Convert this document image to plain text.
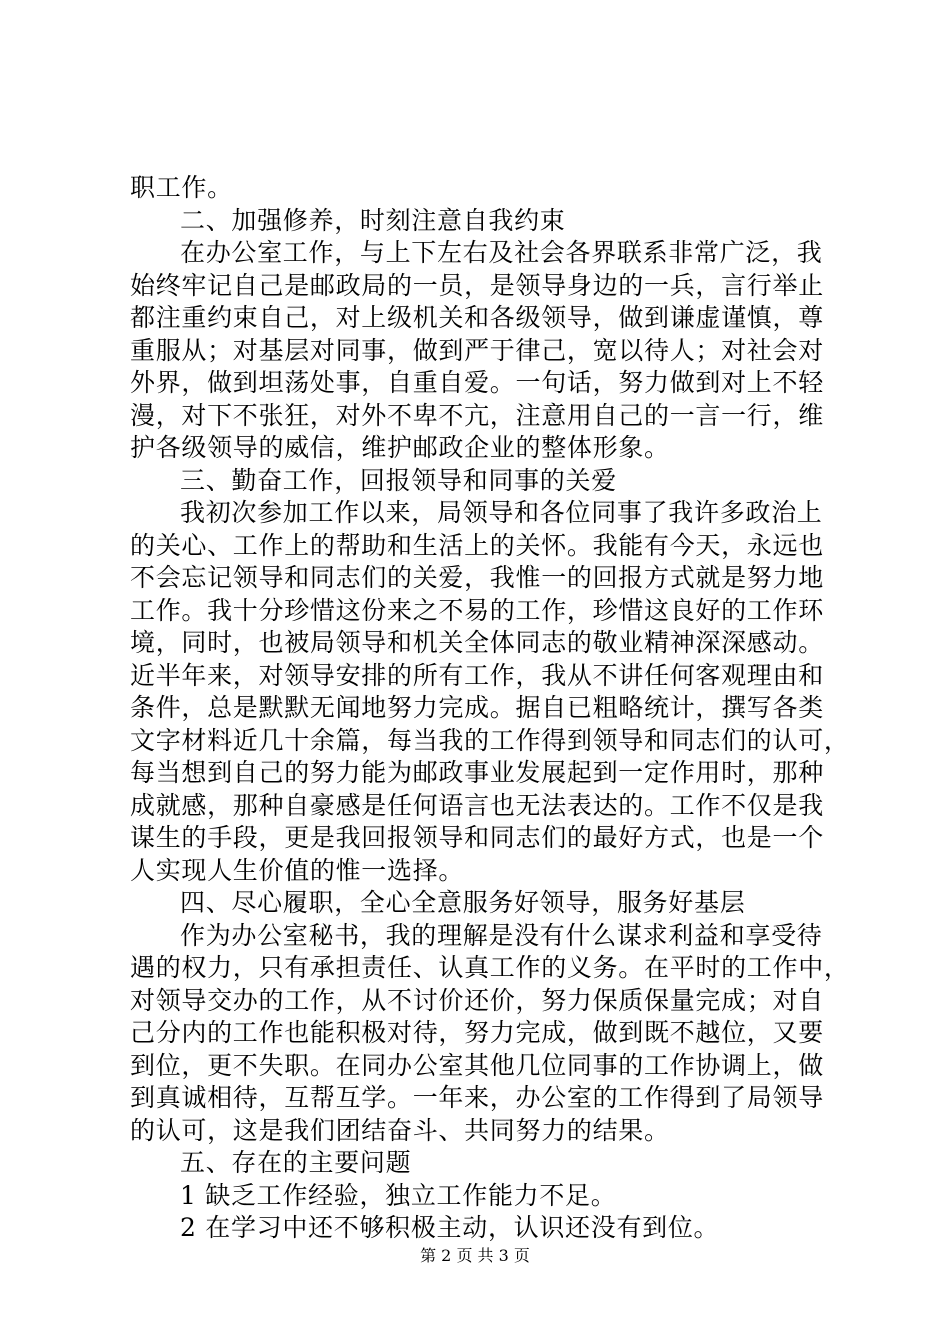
职工作。
二、加强修养，时刻注意自我约束
在办公室工作，与上下左右及社会各界联系非常广泛，我
始终牢记自己是邮政局的一员，是领导身边的一兵，言行举止
都注重约束自己，对上级机关和各级领导，做到谦虚谨慎，尊
重服从；对基层对同事，做到严于律己，宽以待人；对社会对
外界，做到坦荡处事，自重自爱。一句话，努力做到对上不轻
漫，对下不张狂，对外不卑不亢，注意用自己的一言一行，维
护各级领导的威信，维护邮政企业的整体形象。
三、勤奋工作，回报领导和同事的关爱
我初次参加工作以来，局领导和各位同事了我许多政治上
的关心、工作上的帮助和生活上的关怀。我能有今天，永远也
不会忘记领导和同志们的关爱，我惟一的回报方式就是努力地
工作。我十分珍惜这份来之不易的工作，珍惜这良好的工作环
境，同时，也被局领导和机关全体同志的敬业精神深深感动。
近半年来，对领导安排的所有工作，我从不讲任何客观理由和
条件，总是默默无闻地努力完成。据自已粗略统计，撰写各类
文字材料近几十余篇，每当我的工作得到领导和同志们的认可，
每当想到自己的努力能为邮政事业发展起到一定作用时，那种
成就感，那种自豪感是任何语言也无法表达的。工作不仅是我
谋生的手段，更是我回报领导和同志们的最好方式，也是一个
人实现人生价值的惟一选择。
四、尽心履职，全心全意服务好领导，服务好基层
作为办公室秘书，我的理解是没有什么谋求利益和享受待
遇的权力，只有承担责任、认真工作的义务。在平时的工作中，
对领导交办的工作，从不讨价还价，努力保质保量完成；对自
己分内的工作也能积极对待，努力完成，做到既不越位，又要
到位，更不失职。在同办公室其他几位同事的工作协调上，做
到真诚相待，互帮互学。一年来，办公室的工作得到了局领导
的认可，这是我们团结奋斗、共同努力的结果。
五、存在的主要问题
1 缺乏工作经验，独立工作能力不足。
2 在学习中还不够积极主动，认识还没有到位。
第 2 页 共 3 页
